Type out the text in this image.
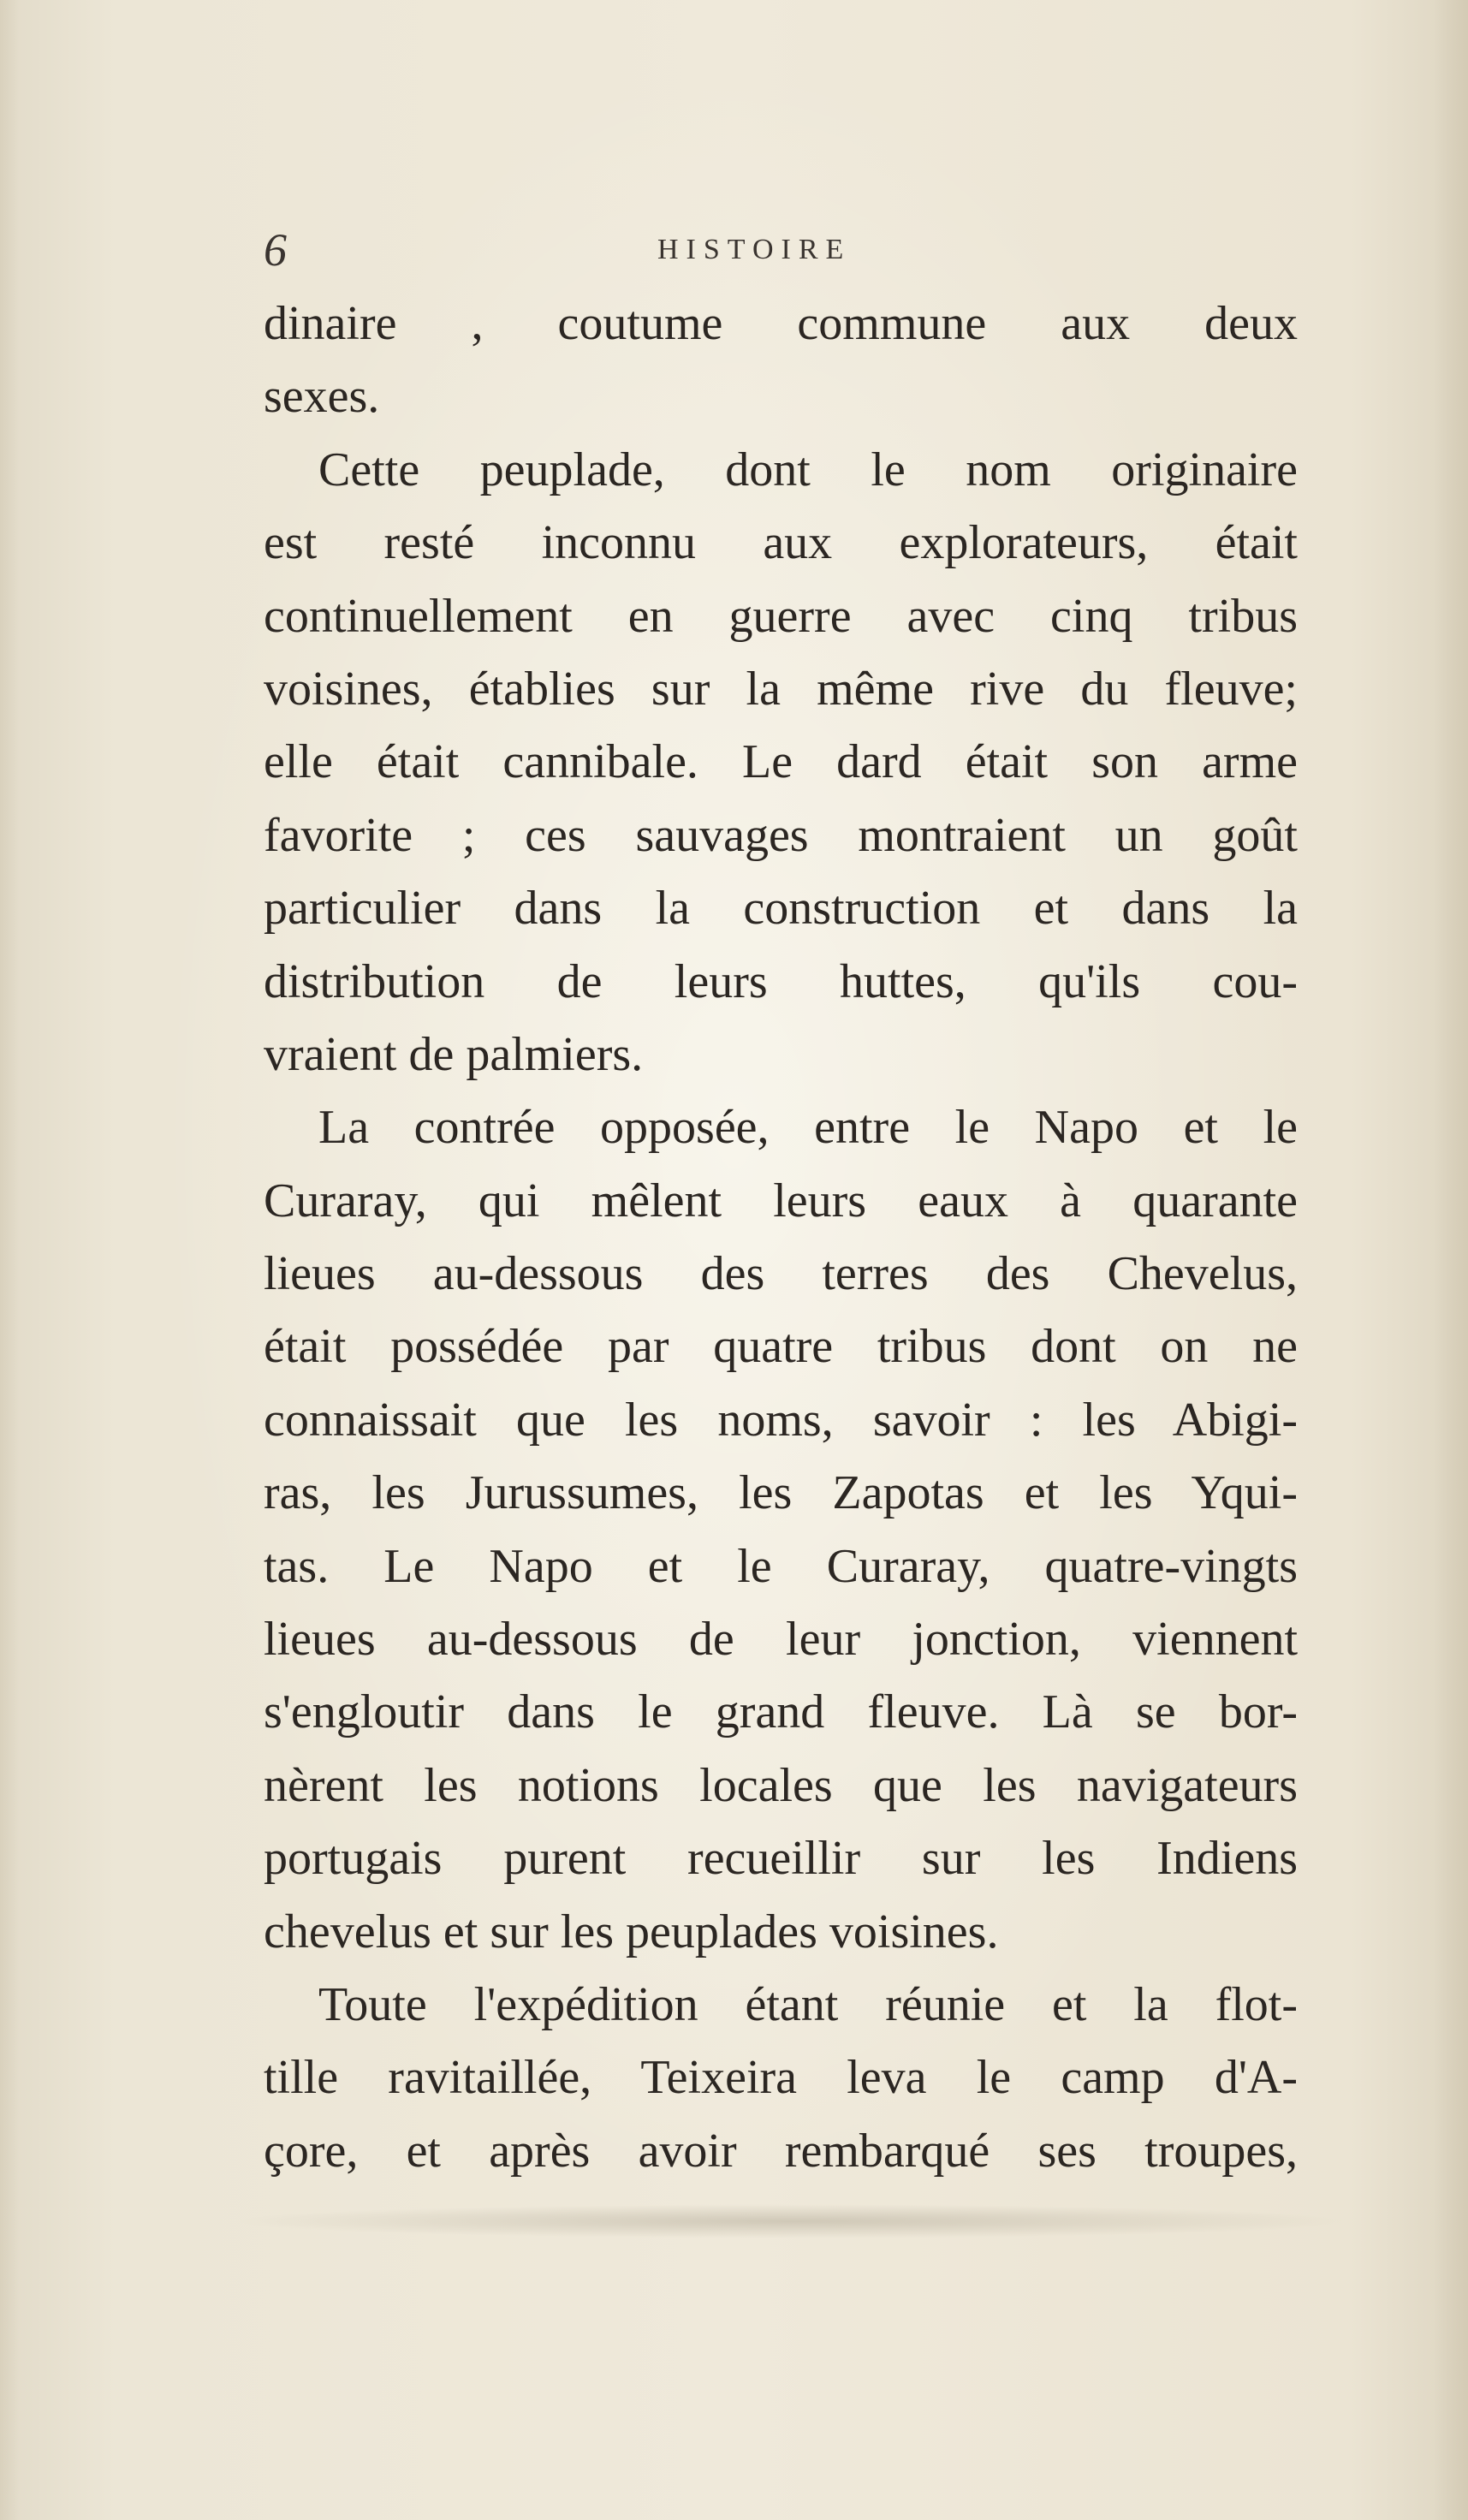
6	HISTOIRE
dinaire , coutume commune aux deux
sexes.
Cette peuplade, dont le nom originaire
est resté inconnu aux explorateurs, était
continuellement en guerre avec cinq tribus
voisines, établies sur la même rive du fleuve;
elle était cannibale. Le dard était son arme
favorite ; ces sauvages montraient un goût
particulier dans la construction et dans la
distribution de leurs huttes, qu'ils cou-
vraient de palmiers.
La contrée opposée, entre le Napo et le
Curaray, qui mêlent leurs eaux à quarante
lieues au-dessous des terres des Chevelus,
était possédée par quatre tribus dont on ne
connaissait que les noms, savoir : les Abigi-
ras, les Jurussumes, les Zapotas et les Yqui-
tas. Le Napo et le Curaray, quatre-vingts
lieues au-dessous de leur jonction, viennent
s'engloutir dans le grand fleuve. Là se bor-
nèrent les notions locales que les navigateurs
portugais purent recueillir sur les Indiens
chevelus et sur les peuplades voisines.
Toute l'expédition étant réunie et la flot-
tille ravitaillée, Teixeira leva le camp d'A-
çore, et après avoir rembarqué ses troupes,
